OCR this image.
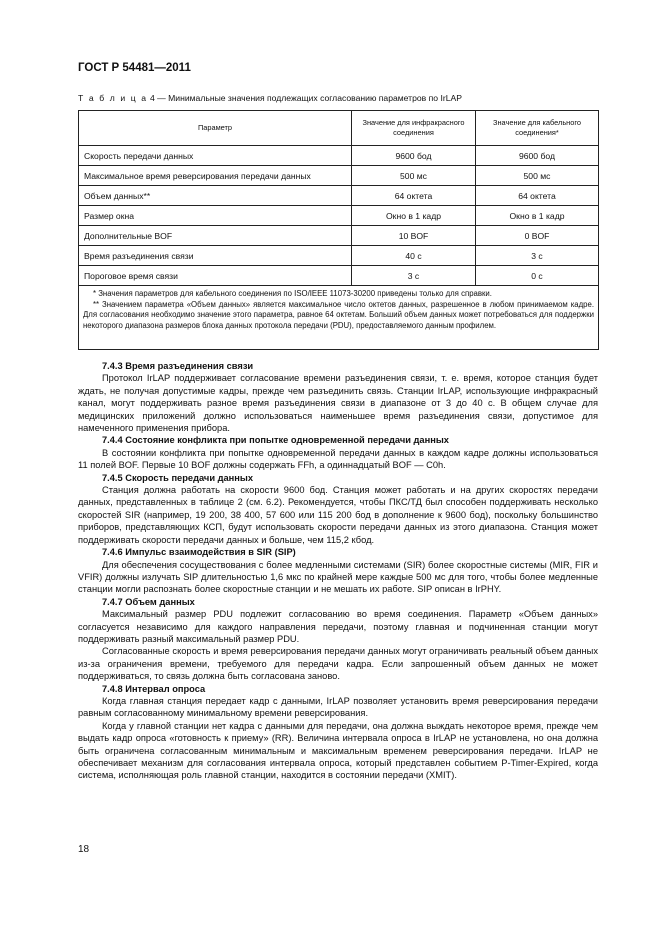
ГОСТ Р 54481—2011
Т а б л и ц а 4 — Минимальные значения подлежащих согласованию параметров по IrLAP
Параметр	Значение для инфракрасного соединения	Значение для кабельного соединения*
Скорость передачи данных	9600 бод	9600 бод
Максимальное время реверсирования передачи данных	500 мс	500 мс
Объем данных**	64 октета	64 октета
Размер окна	Окно в 1 кадр	Окно в 1 кадр
Дополнительные BOF	10 BOF	0 BOF
Время разъединения связи	40 с	3 с
Пороговое время связи	3 с	0 с

* Значения параметров для кабельного соединения по ISO/IEEE 11073-30200 приведены только для справки.
** Значением параметра «Объем данных» является максимальное число октетов данных, разрешенное в любом принимаемом кадре. Для согласования необходимо значение этого параметра, равное 64 октетам. Больший объем данных может потребоваться для поддержки некоторого диапазона размеров блока данных протокола передачи (PDU), предоставляемого данным профилем.		
7.4.3 Время разъединения связи

Протокол IrLAP поддерживает согласование времени разъединения связи, т. е. время, которое станция будет ждать, не получая допустимые кадры, прежде чем разъединить связь. Станции IrLAP, использующие инфракрасный канал, могут поддерживать разное время разъединения связи в диапазоне от 3 до 40 с. В общем случае для медицинских приложений должно использоваться наименьшее время разъединения связи, допустимое для намеченного применения прибора.

7.4.4 Состояние конфликта при попытке одновременной передачи данных

В состоянии конфликта при попытке одновременной передачи данных в каждом кадре должны использоваться 11 полей BOF. Первые 10 BOF должны содержать FFh, а одиннадцатый BOF — C0h.

7.4.5 Скорость передачи данных

Станция должна работать на скорости 9600 бод. Станция может работать и на других скоростях передачи данных, представленных в таблице 2 (см. 6.2). Рекомендуется, чтобы ПКС/ТД был способен поддерживать несколько скоростей SIR (например, 19 200, 38 400, 57 600 или 115 200 бод в дополнение к 9600 бод), поскольку большинство приборов, представляющих КСП, будут использовать скорости передачи данных из этого диапазона. Станция может поддерживать скорости передачи данных и больше, чем 115,2 кбод.

7.4.6 Импульс взаимодействия в SIR (SIP)

Для обеспечения сосуществования с более медленными системами (SIR) более скоростные системы (MIR, FIR и VFIR) должны излучать SIP длительностью 1,6 мкс по крайней мере каждые 500 мс для того, чтобы более медленные станции могли распознать более скоростные станции и не мешать их работе. SIP описан в IrPHY.

7.4.7 Объем данных

Максимальный размер PDU подлежит согласованию во время соединения. Параметр «Объем данных» согласуется независимо для каждого направления передачи, поэтому главная и подчиненная станции могут поддерживать разный максимальный размер PDU.

Согласованные скорость и время реверсирования передачи данных могут ограничивать реальный объем данных из-за ограничения времени, требуемого для передачи кадра. Если запрошенный объем данных не может поддерживаться, то связь должна быть согласована заново.

7.4.8 Интервал опроса

Когда главная станция передает кадр с данными, IrLAP позволяет установить время реверсирования передачи равным согласованному минимальному времени реверсирования.

Когда у главной станции нет кадра с данными для передачи, она должна выждать некоторое время, прежде чем выдать кадр опроса «готовность к приему» (RR). Величина интервала опроса в IrLAP не установлена, но она должна быть ограничена согласованным минимальным и максимальным временем реверсирования передачи. IrLAP не обеспечивает механизм для согласования интервала опроса, который представлен событием P-Timer-Expired, когда система, исполняющая роль главной станции, находится в состоянии передачи (XMIT).

18
